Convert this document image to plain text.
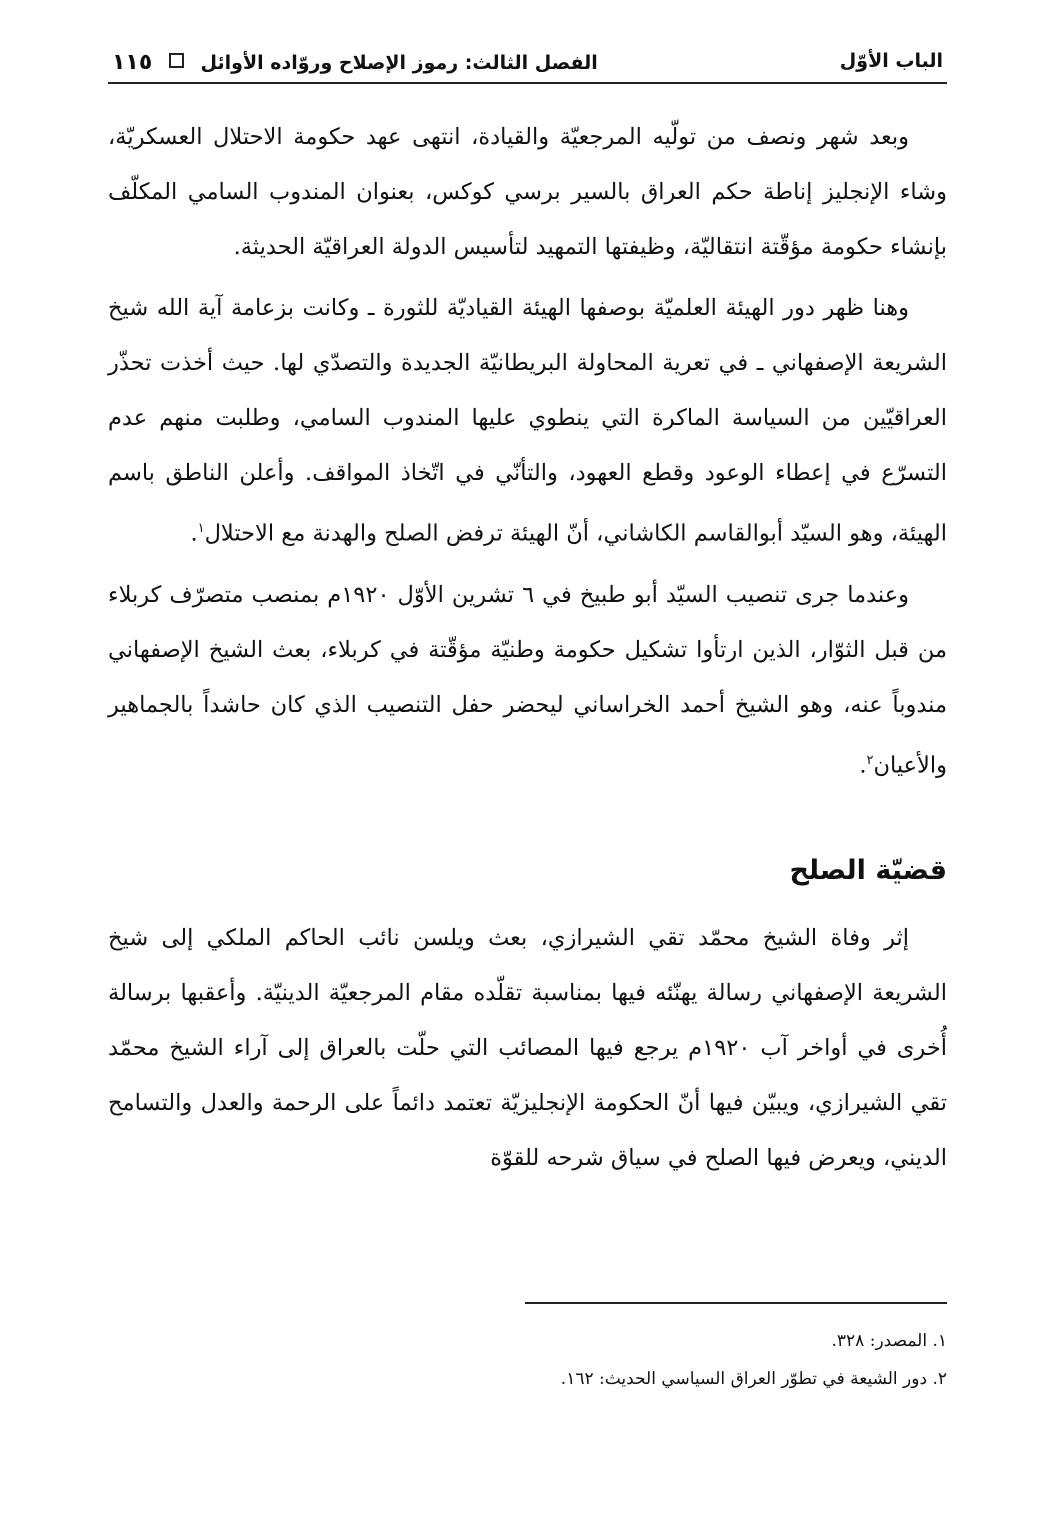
الباب الأوّل
الفصل الثالث: رموز الإصلاح وروّاده الأوائل  ١١٥

وبعد شهر ونصف من تولّيه المرجعيّة والقيادة، انتهى عهد حكومة الاحتلال العسكريّة، وشاء الإنجليز إناطة حكم العراق بالسير برسي كوكس، بعنوان المندوب السامي المكلّف بإنشاء حكومة مؤقّتة انتقاليّة، وظيفتها التمهيد لتأسيس الدولة العراقيّة الحديثة.

وهنا ظهر دور الهيئة العلميّة بوصفها الهيئة القياديّة للثورة ـ وكانت بزعامة آية الله شيخ الشريعة الإصفهاني ـ في تعرية المحاولة البريطانيّة الجديدة والتصدّي لها. حيث أخذت تحذّر العراقيّين من السياسة الماكرة التي ينطوي عليها المندوب السامي، وطلبت منهم عدم التسرّع في إعطاء الوعود وقطع العهود، والتأنّي في اتّخاذ المواقف. وأعلن الناطق باسم الهيئة، وهو السيّد أبوالقاسم الكاشاني، أنّ الهيئة ترفض الصلح والهدنة مع الاحتلال$^١$.

وعندما جرى تنصيب السيّد أبو طبيخ في ٦ تشرين الأوّل ١٩٢٠م بمنصب متصرّف كربلاء من قبل الثوّار، الذين ارتأوا تشكيل حكومة وطنيّة مؤقّتة في كربلاء، بعث الشيخ الإصفهاني مندوباً عنه، وهو الشيخ أحمد الخراساني ليحضر حفل التنصيب الذي كان حاشداً بالجماهير والأعيان$^٢$.

قضيّة الصلح

إثر وفاة الشيخ محمّد تقي الشيرازي، بعث ويلسن نائب الحاكم الملكي إلى شيخ الشريعة الإصفهاني رسالة يهنّئه فيها بمناسبة تقلّده مقام المرجعيّة الدينيّة. وأعقبها برسالة أُخرى في أواخر آب ١٩٢٠م يرجع فيها المصائب التي حلّت بالعراق إلى آراء الشيخ محمّد تقي الشيرازي، ويبيّن فيها أنّ الحكومة الإنجليزيّة تعتمد دائماً على الرحمة والعدل والتسامح الديني، ويعرض فيها الصلح في سياق شرحه للقوّة

١. المصدر: ٣٢٨.

٢. دور الشيعة في تطوّر العراق السياسي الحديث: ١٦٢.
